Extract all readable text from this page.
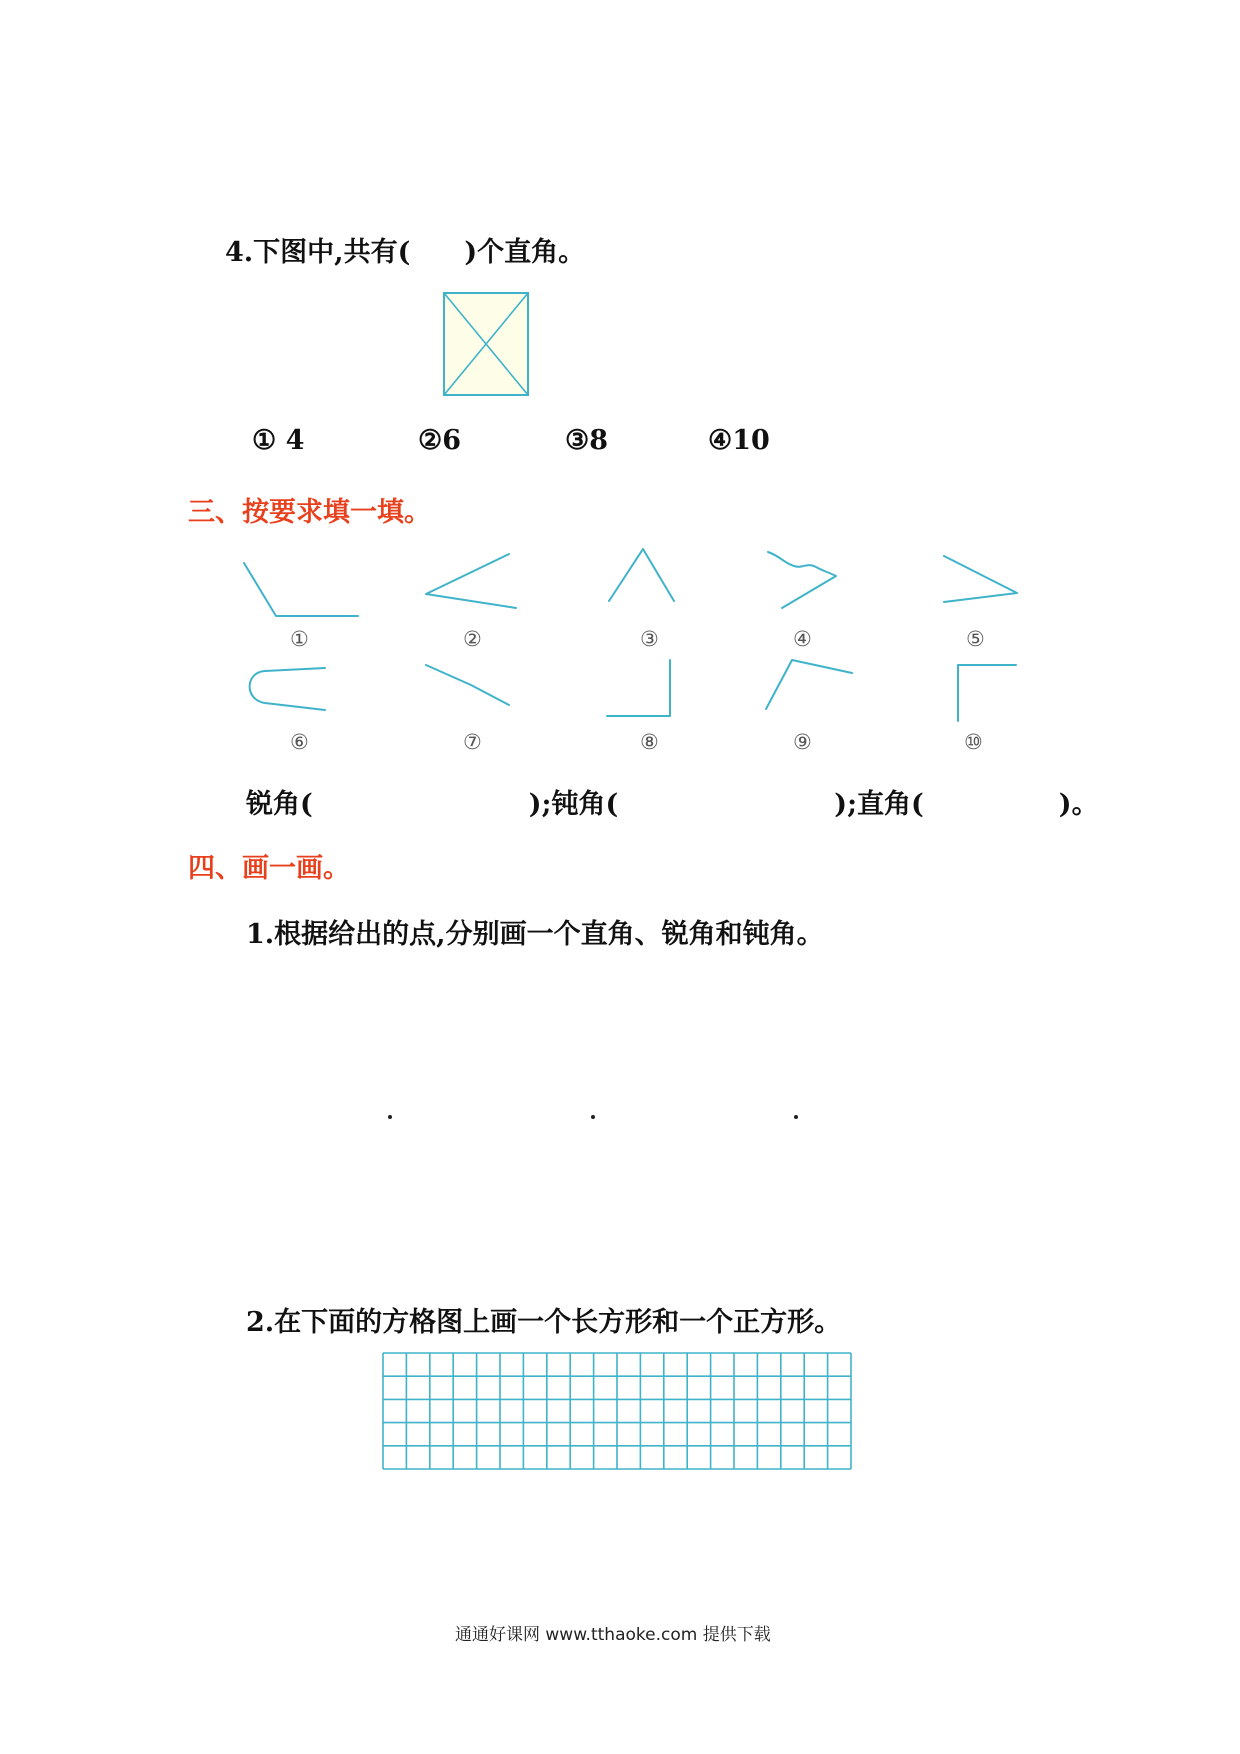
4.下图中,共有(　　)个直角。
① 4	②6	③8	④10
三、按要求填一填。
①	②	③	④	⑤
⑥	⑦	⑧	⑨	⑩
锐角(　　　　　　　　);钝角(　　　　　　　　);直角(　　　　　)。
四、画一画。
1.根据给出的点,分别画一个直角、锐角和钝角。
2.在下面的方格图上画一个长方形和一个正方形。
通通好课网 www.tthaoke.com 提供下载
